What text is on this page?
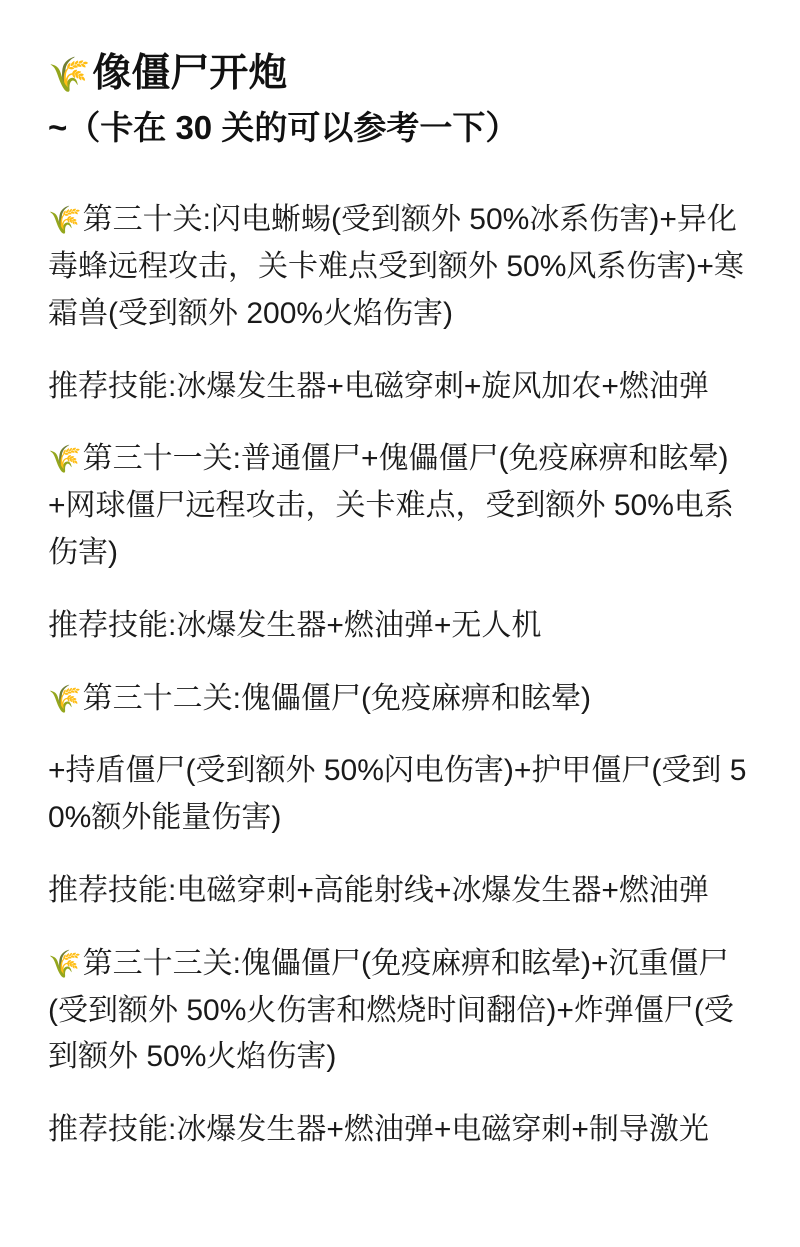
🌾像僵尸开炮~（卡在 30 关的可以参考一下）

🌾第三十关:闪电蜥蜴(受到额外 50%冰系伤害)+异化毒蜂远程攻击，关卡难点受到额外 50%风系伤害)+寒霜兽(受到额外 200%火焰伤害)

推荐技能:冰爆发生器+电磁穿刺+旋风加农+燃油弹

🌾第三十一关:普通僵尸+傀儡僵尸(免疫麻痹和眩晕)+网球僵尸远程攻击，关卡难点，受到额外 50%电系伤害)

推荐技能:冰爆发生器+燃油弹+无人机

🌾第三十二关:傀儡僵尸(免疫麻痹和眩晕)

+持盾僵尸(受到额外 50%闪电伤害)+护甲僵尸(受到 50%额外能量伤害)

推荐技能:电磁穿刺+高能射线+冰爆发生器+燃油弹

🌾第三十三关:傀儡僵尸(免疫麻痹和眩晕)+沉重僵尸(受到额外 50%火伤害和燃烧时间翻倍)+炸弹僵尸(受到额外 50%火焰伤害)

推荐技能:冰爆发生器+燃油弹+电磁穿刺+制导激光
